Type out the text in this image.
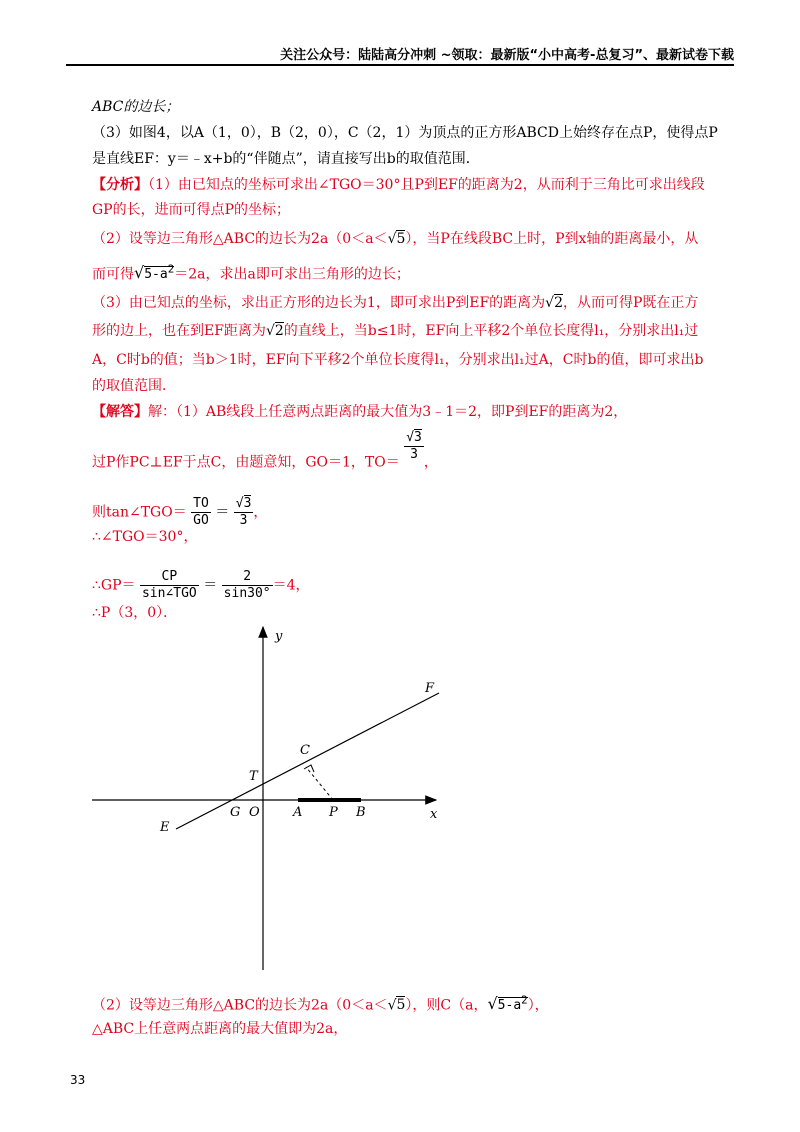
关注公众号：陆陆高分冲刺 ~领取：最新版“小中高考-总复习”、最新试卷下载
ABC的边长；
（3）如图4，以A（1，0），B（2，0），C（2，1）为顶点的正方形ABCD上始终存在点P，使得点P
是直线EF：y＝﹣x+b的“伴随点”，请直接写出b的取值范围．
【分析】（1）由已知点的坐标可求出∠TGO＝30°且P到EF的距离为2，从而利于三角比可求出线段
GP的长，进而可得点P的坐标；
（2）设等边三角形△ABC的边长为2a（0＜a＜√5），当P在线段BC上时，P到x轴的距离最小，从
而可得$√5-a^2=2a$，求出a即可求出三角形的边长；
（3）由已知点的坐标，求出正方形的边长为1，即可求出P到EF的距离为√2，从而可得P既在正方
形的边上，也在到EF距离为√2的直线上，当b≤1时，EF向上平移2个单位长度得l₁，分别求出l₁过
A，C时b的值；当b＞1时，EF向下平移2个单位长度得l₁，分别求出l₁过A，C时b的值，即可求出b
的取值范围．
【解答】解：（1）AB线段上任意两点距离的最大值为3﹣1＝2，即P到EF的距离为2，
过P作PC⊥EF于点C，由题意知，GO＝1，$TO= \frac{√3}{3}$ ，
则tan∠TGO＝ $\frac{TO}{GO} = \frac{√3}{3}$ ，
∴∠TGO＝30°，
∴GP＝ $\frac{CP}{\text{sin∠TGO}} = \frac{2}{\sin 30^\circ} =4$，
∴P（3，0）．
y
x
F
E
C
T
G O	A P B
（2）设等边三角形△ABC的边长为2a（0＜a＜√5），则C（a，$√5-a^2$），
△ABC上任意两点距离的最大值即为2a，
33
